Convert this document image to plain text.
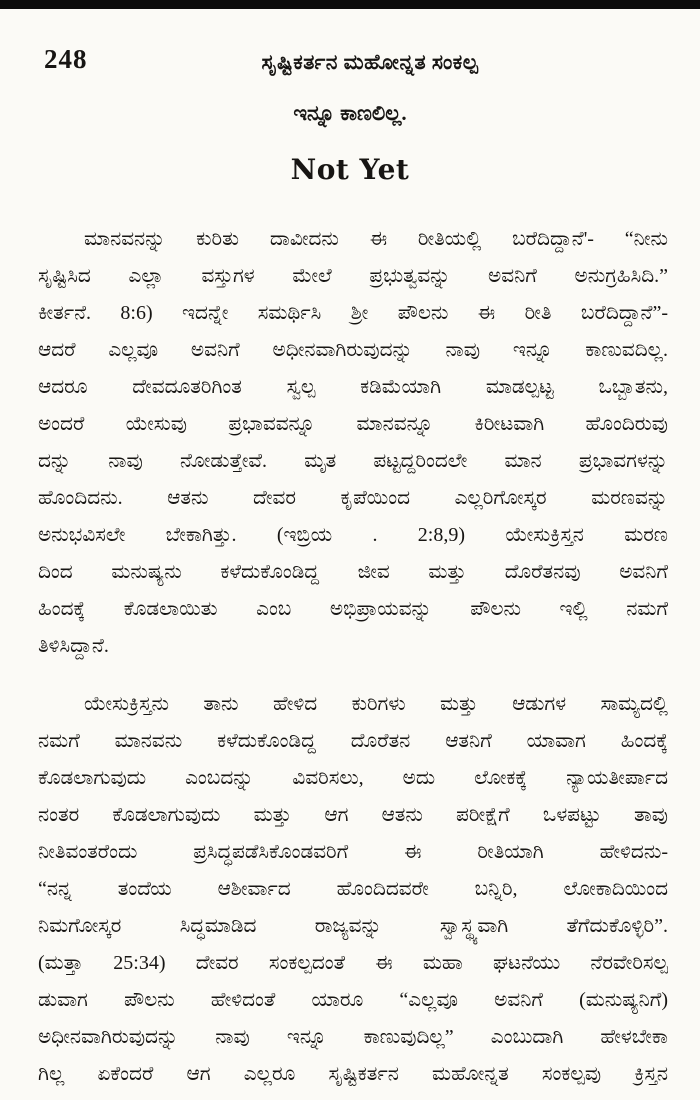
248	ಸೃಷ್ಟಿಕರ್ತನ ಮಹೋನ್ನತ ಸಂಕಲ್ಪ
ಇನ್ನೂ ಕಾಣಲಿಲ್ಲ.
Not Yet
ಮಾನವನನ್ನು ಕುರಿತು ದಾವೀದನು ಈ ರೀತಿಯಲ್ಲಿ ಬರೆದಿದ್ದಾನೆ'- “ನೀನು
ಸೃಷ್ಟಿಸಿದ ಎಲ್ಲಾ ವಸ್ತುಗಳ ಮೇಲೆ ಪ್ರಭುತ್ವವನ್ನು ಅವನಿಗೆ ಅನುಗ್ರಹಿಸಿದಿ.”
ಕೀರ್ತನೆ. 8:6) ಇದನ್ನೇ ಸಮರ್ಥಿಸಿ ಶ್ರೀ ಪೌಲನು ಈ ರೀತಿ ಬರೆದಿದ್ದಾನೆ”-
ಆದರೆ ಎಲ್ಲವೂ ಅವನಿಗೆ ಅಧೀನವಾಗಿರುವುದನ್ನು ನಾವು ಇನ್ನೂ ಕಾಣುವದಿಲ್ಲ.
ಆದರೂ ದೇವದೂತರಿಗಿಂತ ಸ್ವಲ್ಪ ಕಡಿಮೆಯಾಗಿ ಮಾಡಲ್ಪಟ್ಟ ಒಬ್ಬಾತನು,
ಅಂದರೆ ಯೇಸುವು ಪ್ರಭಾವವನ್ನೂ ಮಾನವನ್ನೂ ಕಿರೀಟವಾಗಿ ಹೊಂದಿರುವು
ದನ್ನು ನಾವು ನೋಡುತ್ತೇವೆ. ಮೃತ ಪಟ್ಟದ್ದರಿಂದಲೇ ಮಾನ ಪ್ರಭಾವಗಳನ್ನು
ಹೊಂದಿದನು. ಆತನು ದೇವರ ಕೃಪೆಯಿಂದ ಎಲ್ಲರಿಗೋಸ್ಕರ ಮರಣವನ್ನು
ಅನುಭವಿಸಲೇ ಬೇಕಾಗಿತ್ತು. (ಇಬ್ರಿಯ . 2:8,9) ಯೇಸುಕ್ರಿಸ್ತನ ಮರಣ
ದಿಂದ ಮನುಷ್ಯನು ಕಳೆದುಕೊಂಡಿದ್ದ ಜೀವ ಮತ್ತು ದೊರೆತನವು ಅವನಿಗೆ
ಹಿಂದಕ್ಕೆ ಕೊಡಲಾಯಿತು ಎಂಬ ಅಭಿಪ್ರಾಯವನ್ನು ಪೌಲನು ಇಲ್ಲಿ ನಮಗೆ
ತಿಳಿಸಿದ್ದಾನೆ.
ಯೇಸುಕ್ರಿಸ್ತನು ತಾನು ಹೇಳಿದ ಕುರಿಗಳು ಮತ್ತು ಆಡುಗಳ ಸಾಮ್ಯದಲ್ಲಿ
ನಮಗೆ ಮಾನವನು ಕಳೆದುಕೊಂಡಿದ್ದ ದೊರೆತನ ಆತನಿಗೆ ಯಾವಾಗ ಹಿಂದಕ್ಕೆ
ಕೊಡಲಾಗುವುದು ಎಂಬದನ್ನು ವಿವರಿಸಲು, ಅದು ಲೋಕಕ್ಕೆ ನ್ಯಾಯತೀರ್ಪಾದ
ನಂತರ ಕೊಡಲಾಗುವುದು ಮತ್ತು ಆಗ ಆತನು ಪರೀಕ್ಷೆಗೆ ಒಳಪಟ್ಟು ತಾವು
ನೀತಿವಂತರೆಂದು ಪ್ರಸಿದ್ಧಪಡೆಸಿಕೊಂಡವರಿಗೆ ಈ ರೀತಿಯಾಗಿ ಹೇಳಿದನು-
“ನನ್ನ ತಂದೆಯ ಆಶೀರ್ವಾದ ಹೊಂದಿದವರೇ ಬನ್ನಿರಿ, ಲೋಕಾದಿಯಿಂದ
ನಿಮಗೋಸ್ಕರ ಸಿದ್ಧಮಾಡಿದ ರಾಜ್ಯವನ್ನು ಸ್ವಾಸ್ಥ್ಯವಾಗಿ ತೆಗೆದುಕೊಳ್ಳಿರಿ”.
(ಮತ್ತಾ 25:34) ದೇವರ ಸಂಕಲ್ಪದಂತೆ ಈ ಮಹಾ ಘಟನೆಯು ನೆರವೇರಿಸಲ್ಪ
ಡುವಾಗ ಪೌಲನು ಹೇಳಿದಂತೆ ಯಾರೂ “ಎಲ್ಲವೂ ಅವನಿಗೆ (ಮನುಷ್ಯನಿಗೆ)
ಅಧೀನವಾಗಿರುವುದನ್ನು ನಾವು ಇನ್ನೂ ಕಾಣುವುದಿಲ್ಲ” ಎಂಬುದಾಗಿ ಹೇಳಬೇಕಾ
ಗಿಲ್ಲ ಏಕೆಂದರೆ ಆಗ ಎಲ್ಲರೂ ಸೃಷ್ಟಿಕರ್ತನ ಮಹೋನ್ನತ ಸಂಕಲ್ಪವು ಕ್ರಿಸ್ತನ
